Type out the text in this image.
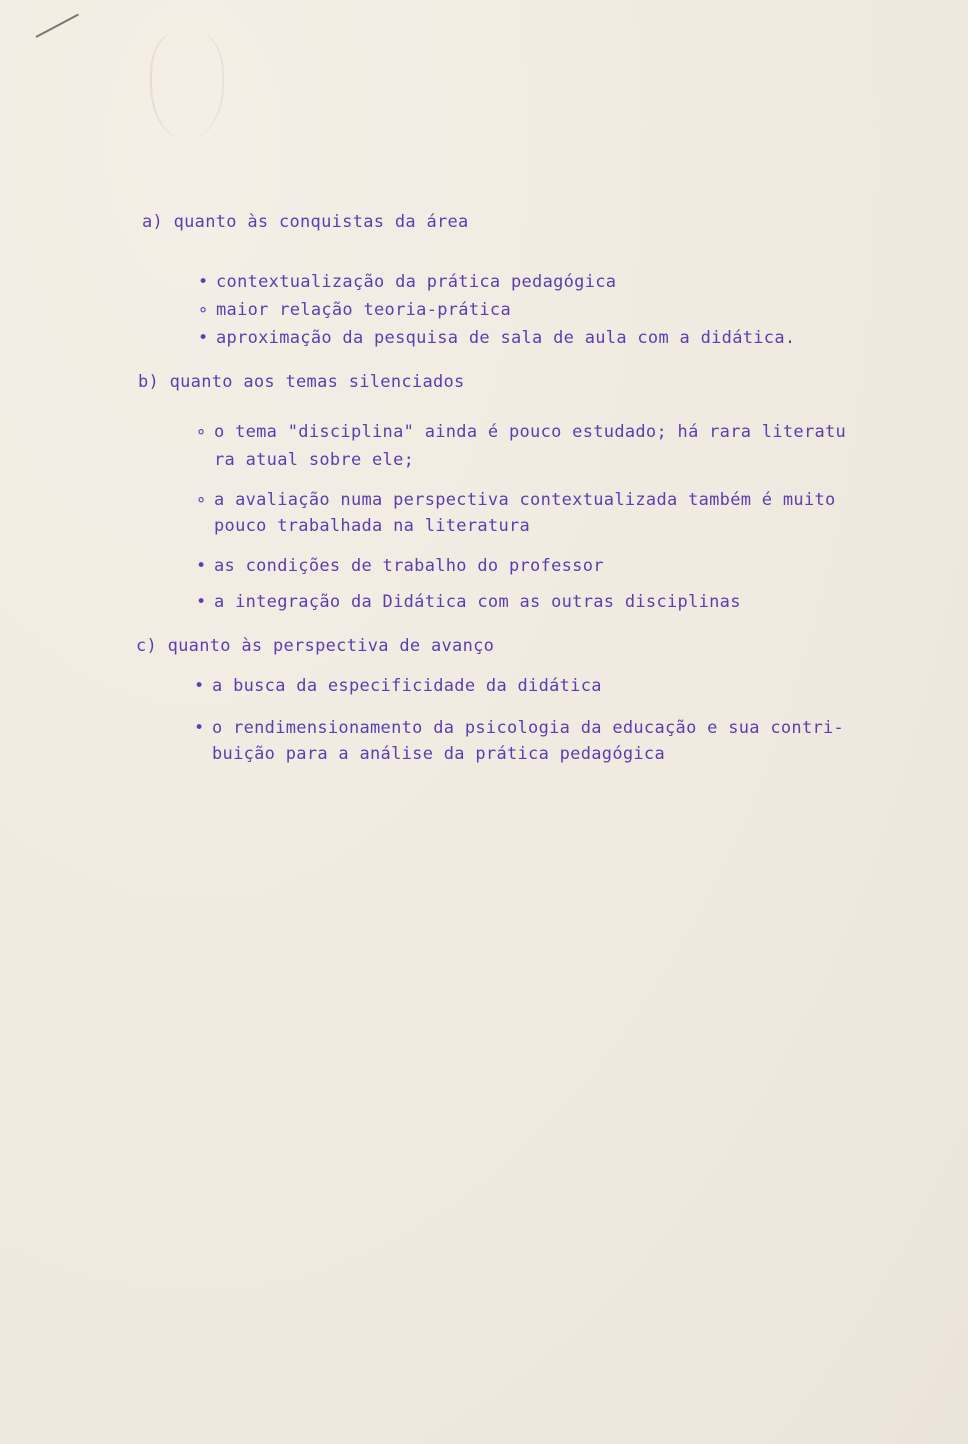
a) quanto às conquistas da área
• contextualização da prática pedagógica
∘ maior relação teoria-prática
• aproximação da pesquisa de sala de aula com a didática.
b) quanto aos temas silenciados
∘ o tema "disciplina" ainda é pouco estudado; há rara literatu
ra atual sobre ele;
∘ a avaliação numa perspectiva contextualizada também é muito
pouco trabalhada na literatura
• as condições de trabalho do professor
• a integração da Didática com as outras disciplinas
c) quanto às perspectiva de avanço
• a busca da especificidade da didática
• o rendimensionamento da psicologia da educação e sua contri-
buição para a análise da prática pedagógica
